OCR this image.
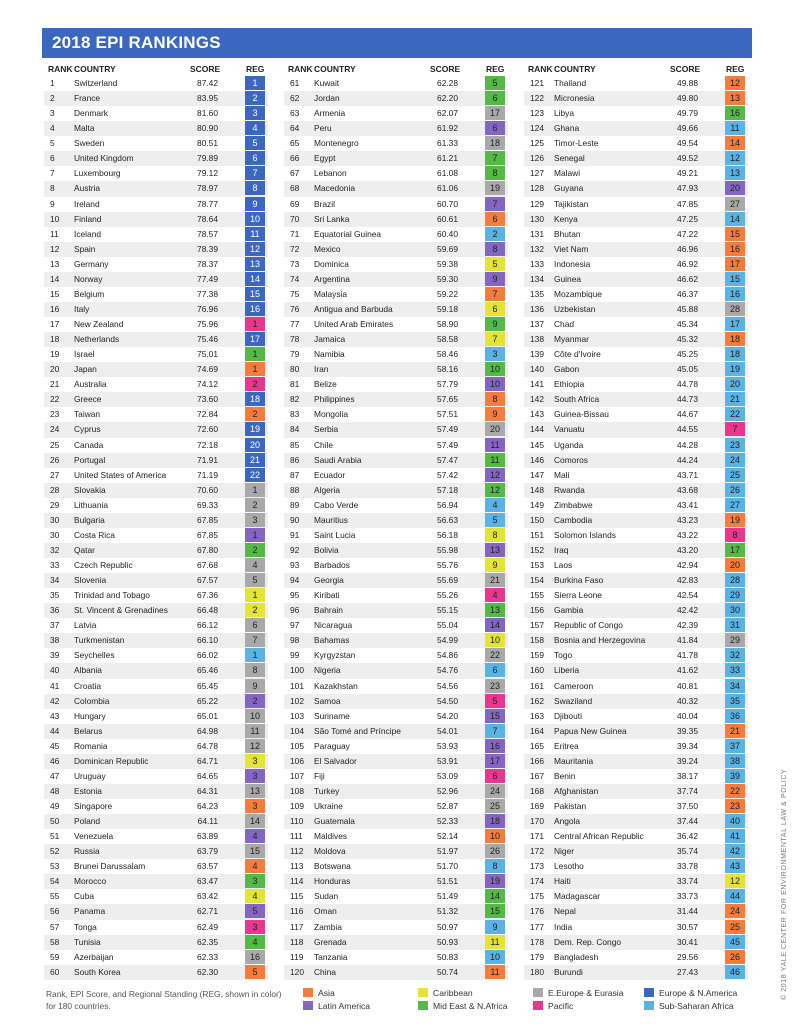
2018 EPI RANKINGS
RANK COUNTRY	SCORE	REG
1 Switzerland	87.42	1
2 France	83.95	2
3 Denmark	81.60	3
4 Malta	80.90	4
5 Sweden	80.51	5
6 United Kingdom	79.89	6
7 Luxembourg	79.12	7
8 Austria	78.97	8
9 Ireland	78.77	9
10 Finland	78.64	10
11 Iceland	78.57	11
12 Spain	78.39	12
13 Germany	78.37	13
14 Norway	77.49	14
15 Belgium	77.38	15
16 Italy	76.96	16
17 New Zealand	75.96	1
18 Netherlands	75.46	17
19 Israel	75.01	1
20 Japan	74.69	1
21 Australia	74.12	2
22 Greece	73.60	18
23 Taiwan	72.84	2
24 Cyprus	72.60	19
25 Canada	72.18	20
26 Portugal	71.91	21
27 United States of America	71.19	22
28 Slovakia	70.60	1
29 Lithuania	69.33	2
30 Bulgaria	67.85	3
30 Costa Rica	67.85	1
32 Qatar	67.80	2
33 Czech Republic	67.68	4
34 Slovenia	67.57	5
35 Trinidad and Tobago	67.36	1
36 St. Vincent & Grenadines	66.48	2
37 Latvia	66.12	6
38 Turkmenistan	66.10	7
39 Seychelles	66.02	1
40 Albania	65.46	8
41 Croatia	65.45	9
42 Colombia	65.22	2
43 Hungary	65.01	10
44 Belarus	64.98	11
45 Romania	64.78	12
46 Dominican Republic	64.71	3
47 Uruguay	64.65	3
48 Estonia	64.31	13
49 Singapore	64.23	3
50 Poland	64.11	14
51 Venezuela	63.89	4
52 Russia	63.79	15
53 Brunei Darussalam	63.57	4
54 Morocco	63.47	3
55 Cuba	63.42	4
56 Panama	62.71	5
57 Tonga	62.49	3
58 Tunisia	62.35	4
59 Azerbaijan	62.33	16
60 South Korea	62.30	5
RANK COUNTRY	SCORE	REG
61 Kuwait	62.28	5
62 Jordan	62.20	6
63 Armenia	62.07	17
64 Peru	61.92	6
65 Montenegro	61.33	18
66 Egypt	61.21	7
67 Lebanon	61.08	8
68 Macedonia	61.06	19
69 Brazil	60.70	7
70 Sri Lanka	60.61	6
71 Equatorial Guinea	60.40	2
72 Mexico	59.69	8
73 Dominica	59.38	5
74 Argentina	59.30	9
75 Malaysia	59.22	7
76 Antigua and Barbuda	59.18	6
77 United Arab Emirates	58.90	9
78 Jamaica	58.58	7
79 Namibia	58.46	3
80 Iran	58.16	10
81 Belize	57.79	10
82 Philippines	57.65	8
83 Mongolia	57.51	9
84 Serbia	57.49	20
85 Chile	57.49	11
86 Saudi Arabia	57.47	11
87 Ecuador	57.42	12
88 Algeria	57.18	12
89 Cabo Verde	56.94	4
90 Mauritius	56.63	5
91 Saint Lucia	56.18	8
92 Bolivia	55.98	13
93 Barbados	55.76	9
94 Georgia	55.69	21
95 Kiribati	55.26	4
96 Bahrain	55.15	13
97 Nicaragua	55.04	14
98 Bahamas	54.99	10
99 Kyrgyzstan	54.86	22
100 Nigeria	54.76	6
101 Kazakhstan	54.56	23
102 Samoa	54.50	5
103 Suriname	54.20	15
104 São Tomé and Príncipe	54.01	7
105 Paraguay	53.93	16
106 El Salvador	53.91	17
107 Fiji	53.09	6
108 Turkey	52.96	24
109 Ukraine	52.87	25
110 Guatemala	52.33	18
111 Maldives	52.14	10
112 Moldova	51.97	26
113 Botswana	51.70	8
114 Honduras	51.51	19
115 Sudan	51.49	14
116 Oman	51.32	15
117 Zambia	50.97	9
118 Grenada	50.93	11
119 Tanzania	50.83	10
120 China	50.74	11
RANK COUNTRY	SCORE	REG
121 Thailand	49.88	12
122 Micronesia	49.80	13
123 Libya	49.79	16
124 Ghana	49.66	11
125 Timor-Leste	49.54	14
126 Senegal	49.52	12
127 Malawi	49.21	13
128 Guyana	47.93	20
129 Tajikistan	47.85	27
130 Kenya	47.25	14
131 Bhutan	47.22	15
132 Viet Nam	46.96	16
133 Indonesia	46.92	17
134 Guinea	46.62	15
135 Mozambique	46.37	16
136 Uzbekistan	45.88	28
137 Chad	45.34	17
138 Myanmar	45.32	18
139 Côte d'Ivoire	45.25	18
140 Gabon	45.05	19
141 Ethiopia	44.78	20
142 South Africa	44.73	21
143 Guinea-Bissau	44.67	22
144 Vanuatu	44.55	7
145 Uganda	44.28	23
146 Comoros	44.24	24
147 Mali	43.71	25
148 Rwanda	43.68	26
149 Zimbabwe	43.41	27
150 Cambodia	43.23	19
151 Solomon Islands	43.22	8
152 Iraq	43.20	17
153 Laos	42.94	20
154 Burkina Faso	42.83	28
155 Sierra Leone	42.54	29
156 Gambia	42.42	30
157 Republic of Congo	42.39	31
158 Bosnia and Herzegovina	41.84	29
159 Togo	41.78	32
160 Liberia	41.62	33
161 Cameroon	40.81	34
162 Swaziland	40.32	35
163 Djibouti	40.04	36
164 Papua New Guinea	39.35	21
165 Eritrea	39.34	37
166 Mauritania	39.24	38
167 Benin	38.17	39
168 Afghanistan	37.74	22
169 Pakistan	37.50	23
170 Angola	37.44	40
171 Central African Republic	36.42	41
172 Niger	35.74	42
173 Lesotho	33.78	43
174 Haiti	33.74	12
175 Madagascar	33.73	44
176 Nepal	31.44	24
177 India	30.57	25
178 Dem. Rep. Congo	30.41	45
179 Bangladesh	29.56	26
180 Burundi	27.43	46
Rank, EPI Score, and Regional Standing (REG, shown in color) for 180 countries.
Asia
Latin America
Caribbean
Mid East & N.Africa
E.Europe & Eurasia
Pacific
Europe & N.America
Sub-Saharan Africa
© 2018 YALE CENTER FOR ENVIRONMENTAL LAW & POLICY
